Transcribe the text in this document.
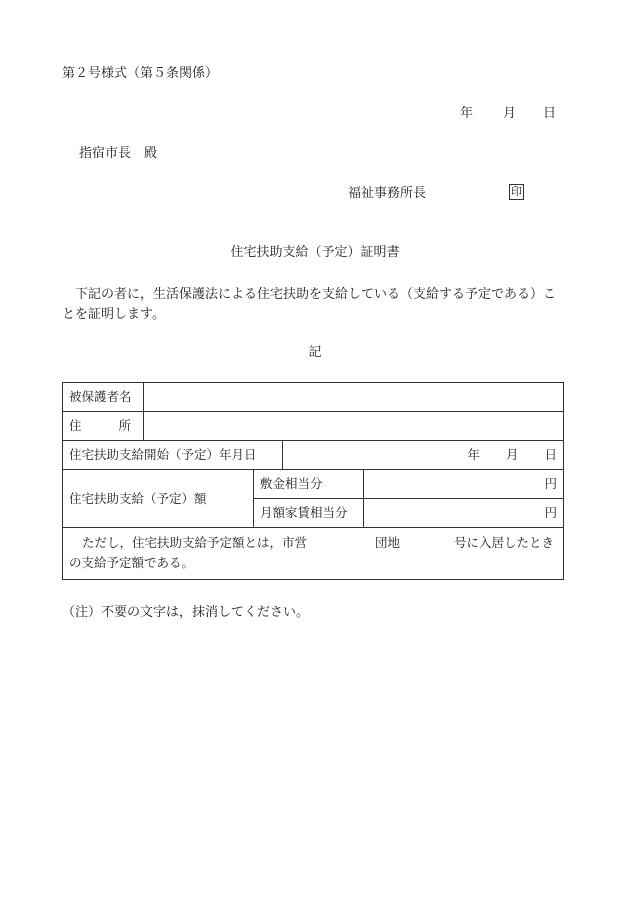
第２号様式（第５条関係）
年 月 日
指宿市長　殿
福祉事務所長	印
住宅扶助支給（予定）証明書
下記の者に，生活保護法による住宅扶助を支給している（支給する予定である）ことを証明します。
記
被保護者名				

住 所				

住宅扶助支給開始（予定）年月日			年 月 日	

住宅扶助支給（予定）額		敷金相当分		円
		月額家賃相当分		円
ただし，住宅扶助支給予定額とは，市営 団地 号に入居したときの支給予定額である。				
（注）不要の文字は，抹消してください。
